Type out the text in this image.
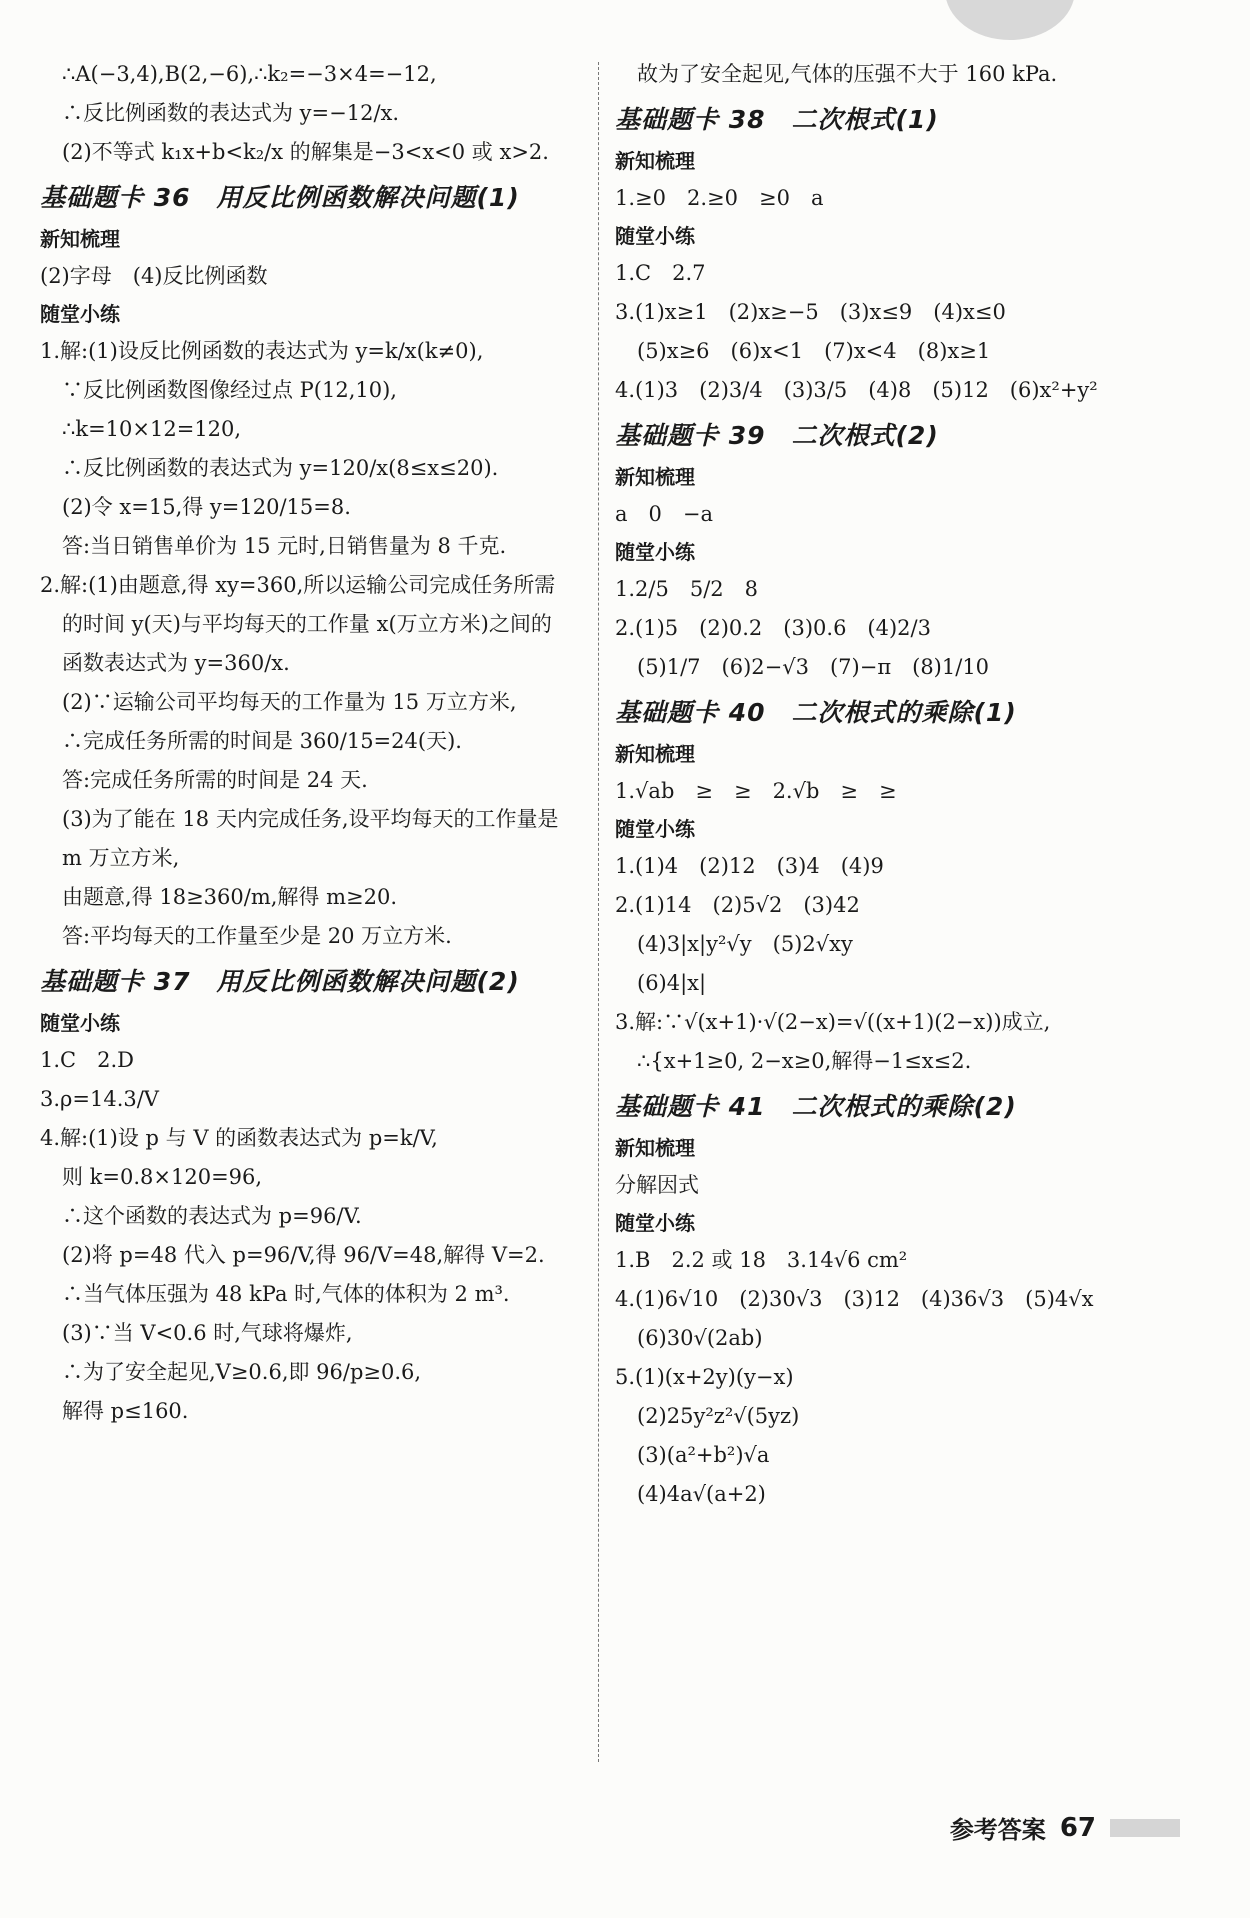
∴A(−3,4),B(2,−6),∴k₂=−3×4=−12,
∴反比例函数的表达式为 y=−12/x.
(2)不等式 k₁x+b<k₂/x 的解集是−3<x<0 或 x>2.
基础题卡 36　用反比例函数解决问题(1)
新知梳理
(2)字母　(4)反比例函数
随堂小练
1.解:(1)设反比例函数的表达式为 y=k/x(k≠0),
∵反比例函数图像经过点 P(12,10),
∴k=10×12=120,
∴反比例函数的表达式为 y=120/x(8≤x≤20).
(2)令 x=15,得 y=120/15=8.
答:当日销售单价为 15 元时,日销售量为 8 千克.
2.解:(1)由题意,得 xy=360,所以运输公司完成任务所需
的时间 y(天)与平均每天的工作量 x(万立方米)之间的
函数表达式为 y=360/x.
(2)∵运输公司平均每天的工作量为 15 万立方米,
∴完成任务所需的时间是 360/15=24(天).
答:完成任务所需的时间是 24 天.
(3)为了能在 18 天内完成任务,设平均每天的工作量是
m 万立方米,
由题意,得 18≥360/m,解得 m≥20.
答:平均每天的工作量至少是 20 万立方米.
基础题卡 37　用反比例函数解决问题(2)
随堂小练
1.C　2.D
3.ρ=14.3/V
4.解:(1)设 p 与 V 的函数表达式为 p=k/V,
则 k=0.8×120=96,
∴这个函数的表达式为 p=96/V.
(2)将 p=48 代入 p=96/V,得 96/V=48,解得 V=2.
∴当气体压强为 48 kPa 时,气体的体积为 2 m³.
(3)∵当 V<0.6 时,气球将爆炸,
∴为了安全起见,V≥0.6,即 96/p≥0.6,
解得 p≤160.
故为了安全起见,气体的压强不大于 160 kPa.
基础题卡 38　二次根式(1)
新知梳理
1.≥0　2.≥0　≥0　a
随堂小练
1.C　2.7
3.(1)x≥1　(2)x≥−5　(3)x≤9　(4)x≤0
(5)x≥6　(6)x<1　(7)x<4　(8)x≥1
4.(1)3　(2)3/4　(3)3/5　(4)8　(5)12　(6)x²+y²
基础题卡 39　二次根式(2)
新知梳理
a　0　−a
随堂小练
1.2/5　5/2　8
2.(1)5　(2)0.2　(3)0.6　(4)2/3
(5)1/7　(6)2−√3　(7)−π　(8)1/10
基础题卡 40　二次根式的乘除(1)
新知梳理
1.√ab　≥　≥　2.√b　≥　≥
随堂小练
1.(1)4　(2)12　(3)4　(4)9
2.(1)14　(2)5√2　(3)42
(4)3|x|y²√y　(5)2√xy
(6)4|x|
3.解:∵√(x+1)·√(2−x)=√((x+1)(2−x))成立,
∴{x+1≥0, 2−x≥0,解得−1≤x≤2.
基础题卡 41　二次根式的乘除(2)
新知梳理
分解因式
随堂小练
1.B　2.2 或 18　3.14√6 cm²
4.(1)6√10　(2)30√3　(3)12　(4)36√3　(5)4√x
(6)30√(2ab)
5.(1)(x+2y)(y−x)
(2)25y²z²√(5yz)
(3)(a²+b²)√a
(4)4a√(a+2)
参考答案 67
